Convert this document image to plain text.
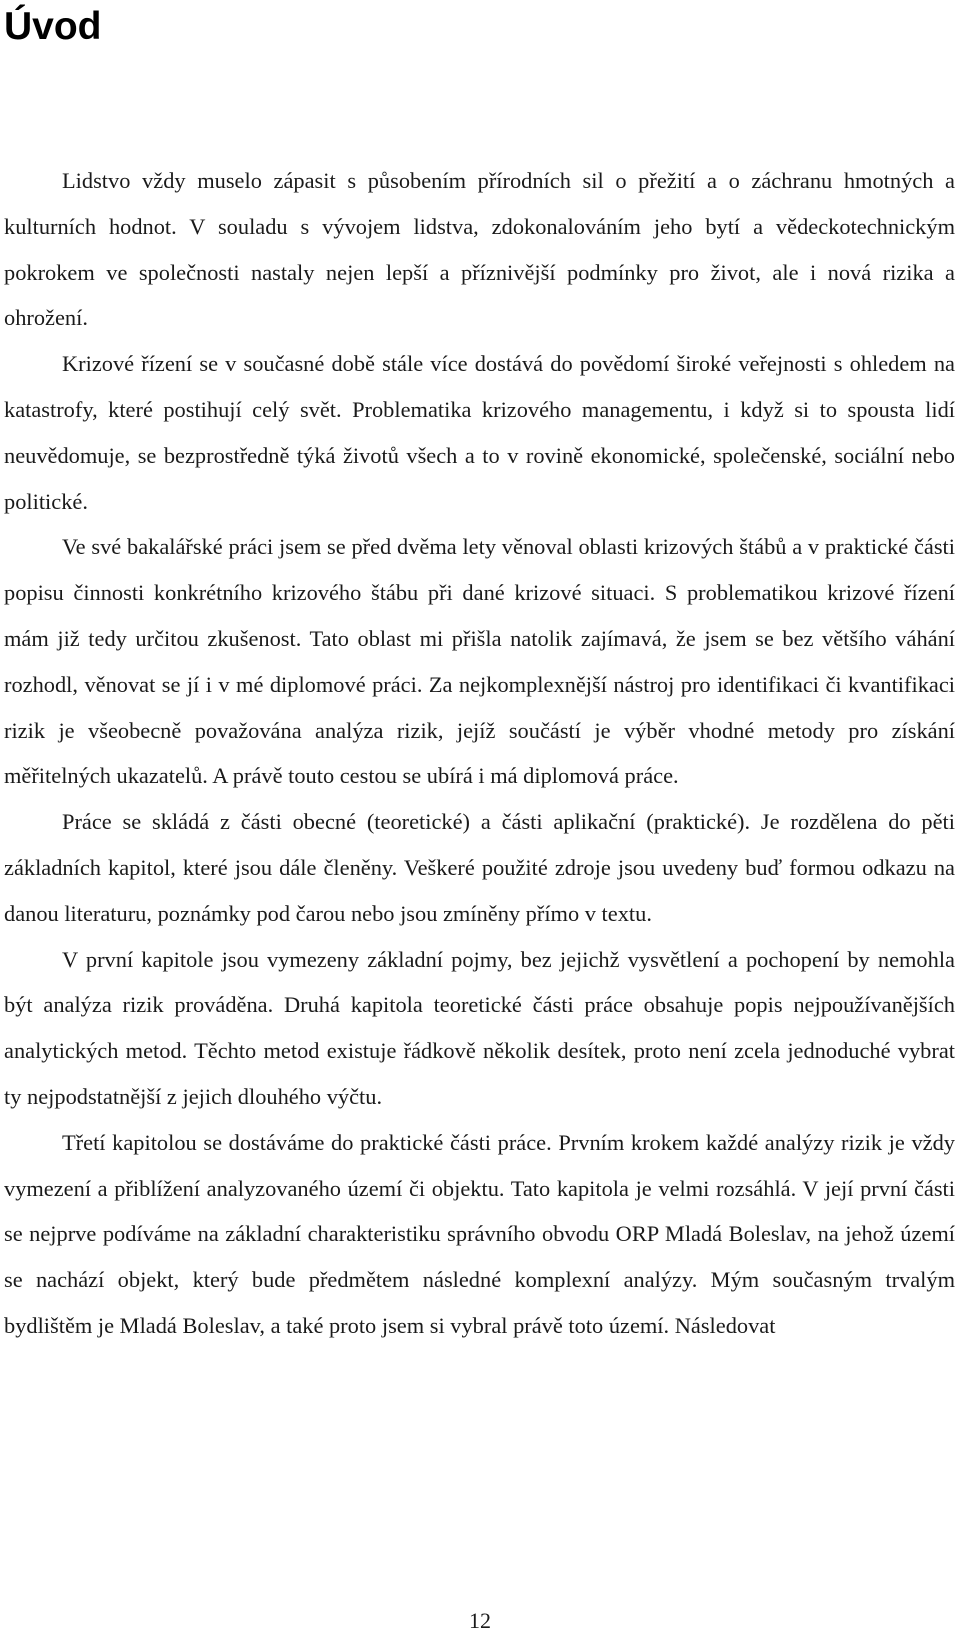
Úvod

Lidstvo vždy muselo zápasit s působením přírodních sil o přežití a o záchranu hmotných a kulturních hodnot. V souladu s vývojem lidstva, zdokonalováním jeho bytí a vědeckotechnickým pokrokem ve společnosti nastaly nejen lepší a příznivější podmínky pro život, ale i nová rizika a ohrožení.

Krizové řízení se v současné době stále více dostává do povědomí široké veřejnosti s ohledem na katastrofy, které postihují celý svět. Problematika krizového managementu, i když si to spousta lidí neuvědomuje, se bezprostředně týká životů všech a to v rovině ekonomické, společenské, sociální nebo politické.

Ve své bakalářské práci jsem se před dvěma lety věnoval oblasti krizových štábů a v praktické části popisu činnosti konkrétního krizového štábu při dané krizové situaci. S problematikou krizové řízení mám již tedy určitou zkušenost. Tato oblast mi přišla natolik zajímavá, že jsem se bez většího váhání rozhodl, věnovat se jí i v mé diplomové práci. Za nejkomplexnější nástroj pro identifikaci či kvantifikaci rizik je všeobecně považována analýza rizik, jejíž součástí je výběr vhodné metody pro získání měřitelných ukazatelů. A právě touto cestou se ubírá i má diplomová práce.

Práce se skládá z části obecné (teoretické) a části aplikační (praktické). Je rozdělena do pěti základních kapitol, které jsou dále členěny. Veškeré použité zdroje jsou uvedeny buď formou odkazu na danou literaturu, poznámky pod čarou nebo jsou zmíněny přímo v textu.

V první kapitole jsou vymezeny základní pojmy, bez jejichž vysvětlení a pochopení by nemohla být analýza rizik prováděna. Druhá kapitola teoretické části práce obsahuje popis nejpoužívanějších analytických metod. Těchto metod existuje řádkově několik desítek, proto není zcela jednoduché vybrat ty nejpodstatnější z jejich dlouhého výčtu.

Třetí kapitolou se dostáváme do praktické části práce. Prvním krokem každé analýzy rizik je vždy vymezení a přiblížení analyzovaného území či objektu. Tato kapitola je velmi rozsáhlá. V její první části se nejprve podíváme na základní charakteristiku správního obvodu ORP Mladá Boleslav, na jehož území se nachází objekt, který bude předmětem následné komplexní analýzy. Mým současným trvalým bydlištěm je Mladá Boleslav, a také proto jsem si vybral právě toto území. Následovat

12
